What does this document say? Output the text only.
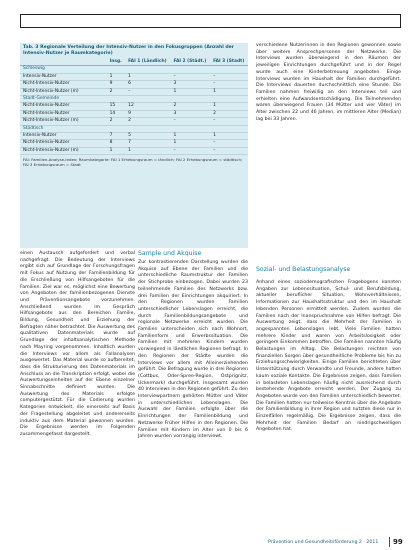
Tab. 3 Regionale Verteilung der Intensiv-Nutzer in den Fokusgruppen (Anzahl der Intensiv-Nutzer je Raumkategorie)
	Insg.	FAI 1 (Ländlich)	FAI 2 (Städt.)	FAI 3 (Stadt)
Schleswig				
Intensiv-Nutzer	1	1	–	–
Nicht-Intensiv-Nutzer	9	6	3	–
Nicht-Intensiv-Nutzer (m)	2	–	1	1
Stadt-Gemeinde				
Nicht-Intensiv-Nutzer	15	12	2	1
Nicht-Intensiv-Nutzer	14	9	3	2
Nicht-Intensiv-Nutzer (m)	2	2	–	–
Städtisch				
Intensiv-Nutzer	7	5	1	1
Nicht-Intensiv-Nutzer	8	7	1	–
Nicht-Intensiv-Nutzer (m)	1	1	–	–
FAI: Familien-Analyse-Index; Raumkategorie: FAI 1 Erhebungsraum = ländlich; FAI 2 Erhebungsraum = städtisch; FAI 3 Erhebungsraum = Stadt

einen Austausch aufgefordert und verbal nachgefragt. Die Bedeutung der Interviews ergibt sich auf Grundlage der Forschungsfragen mit Fokus auf Nutzung der Familienbildung für die Erschließung von Hilfsangeboten für die Familien. Ziel war es, möglichst eine Bewertung von Angeboten der familienbezogenen Dienste und Präventionsangebote vorzunehmen. Anschließend wurden im Gespräch Hilfsangebote aus den Bereichen Familie, Bildung, Gesundheit und Erziehung der Befragten näher betrachtet. Die Auswertung des qualitativen Datenmaterials wurde auf Grundlage der inhaltsanalytischen Methode nach Mayring vorgenommen. Inhaltlich wurden die Interviews vor allem als Fallanalysen ausgewertet. Das Material wurde so aufbereitet, dass die Strukturierung des Datenmaterials im Anschluss an die Transkription erfolgt, wobei die Auswertungseinheiten auf der Ebene einzelner Sinnabschnitte definiert wurden. Die Auswertung des Materials erfolgte computergestützt. Für die Codierung wurden Kategorien entwickelt, die einerseits auf Basis der Fragestellung abgeleitet und andererseits induktiv aus dem Material gewonnen wurden. Die Ergebnisse werden im Folgenden zusammengefasst dargestellt.

Sample und Akquise

Zur kontrastierenden Darstellung wurden die Akquise auf Ebene der Familien und die unterschiedliche Raumstruktur der Familien der Stichprobe einbezogen. Dabei wurden 23 teilnehmende Familien des Netzwerks bzw. drei Familien der Einrichtungen akquiriert. In den Regionen wurden Familien unterschiedlicher Lebenslagen erreicht, die durch Familienbildungsangebote und regionale Netzwerke erreicht wurden. Die Familien unterscheiden sich nach Wohnort, Familienform und Erwerbssituation. Die Familien mit mehreren Kindern wurden vorwiegend in ländlichen Regionen befragt. In den Regionen der Städte wurden die Interviews vor allem mit Alleinerziehenden geführt. Die Befragung wurde in drei Regionen (Cottbus, Oder-Spree-Region, Ostprignitz, Uckermark) durchgeführt. Insgesamt wurden 40 Interviews in den Regionen geführt. Zu den Interviewpartnern gehörten Mütter und Väter in unterschiedlichen Lebenslagen. Die Auswahl der Familien erfolgte über die Einrichtungen der Familienbildung und Netzwerke Früher Hilfen in den Regionen. Die Familien mit Kindern im Alter von 0 bis 6 Jahren wurden vorrangig interviewt.

verschiedene Nutzerinnen in den Regionen gewonnen sowie über weitere Ansprechpersonen der Netzwerke. Die Interviews wurden überwiegend in den Räumen der jeweiligen Einrichtungen durchgeführt und in der Regel wurde auch eine Kinderbetreuung angeboten. Einige Interviews wurden im Haushalt der Familien durchgeführt. Die Interviews dauerten durchschnittlich eine Stunde. Die Familien nahmen freiwillig an den Interviews teil und erhielten eine Aufwandsentschädigung. Die Teilnehmenden waren überwiegend Frauen (34 Mütter und vier Väter) im Alter zwischen 22 und 46 Jahren, im mittleren Alter (Median) lag bei 33 Jahren.

Sozial- und Belastungsanalyse

Anhand eines soziodemografischen Fragebogens konnten Angaben zur Lebenssituation, Schul- und Berufsbildung, aktueller beruflicher Situation, Wohnverhältnissen, Informationen zur Haushaltsstruktur und den im Haushalt lebenden Personen ermittelt werden. Zudem wurden die Familien nach der Inanspruchnahme von Hilfen befragt. Die Auswertung zeigt, dass die Mehrheit der Familien in angespannten Lebenslagen lebt. Viele Familien hatten mehrere Kinder und waren von Arbeitslosigkeit oder geringem Einkommen betroffen. Die Familien nannten häufig Belastungen im Alltag. Die Belastungen reichten von finanziellen Sorgen über gesundheitliche Probleme bis hin zu Erziehungsschwierigkeiten. Einige Familien berichteten über Unterstützung durch Verwandte und Freunde, andere hatten kaum soziale Kontakte. Die Ergebnisse zeigen, dass Familien in belasteten Lebenslagen häufig nicht ausreichend durch bestehende Angebote erreicht werden. Der Zugang zu Angeboten wurde von den Familien unterschiedlich bewertet. Die Familien hatten nur teilweise Kenntnis über die Angebote der Familienbildung in ihrer Region und nutzten diese nur in Einzelfällen regelmäßig. Die Ergebnisse zeigen, dass die Mehrheit der Familien Bedarf an niedrigschwelligen Angeboten hat.

Prävention und Gesundheitsförderung 2 · 2011 99
